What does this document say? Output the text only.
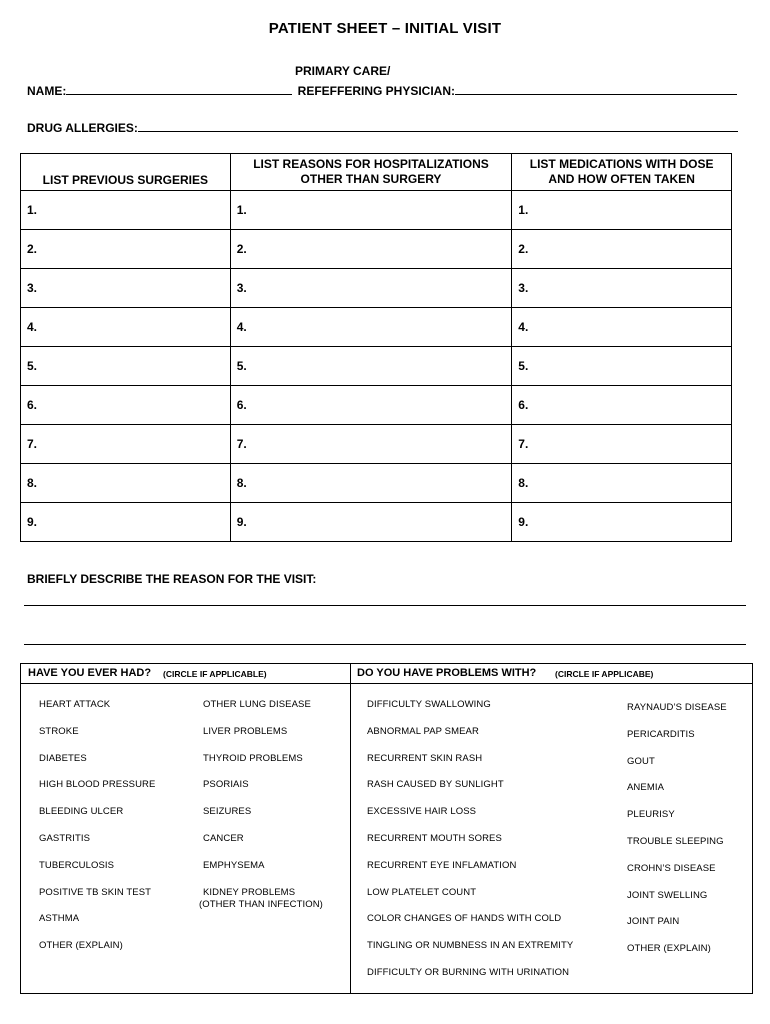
PATIENT SHEET – INITIAL VISIT
PRIMARY CARE/
NAME:	REFEFFERING PHYSICIAN:
DRUG ALLERGIES:
LIST PREVIOUS SURGERIES	LIST REASONS FOR HOSPITALIZATIONS OTHER THAN SURGERY	LIST MEDICATIONS WITH DOSE AND HOW OFTEN TAKEN
1.	1.	1.
2.	2.	2.
3.	3.	3.
4.	4.	4.
5.	5.	5.
6.	6.	6.
7.	7.	7.
8.	8.	8.
9.	9.	9.
BRIEFLY DESCRIBE THE REASON FOR THE VISIT:
HAVE YOU EVER HAD? (CIRCLE IF APPLICABLE)	DO YOU HAVE PROBLEMS WITH? (CIRCLE IF APPLICABE)
HEART ATTACK
STROKE
DIABETES
HIGH BLOOD PRESSURE
BLEEDING ULCER
GASTRITIS
TUBERCULOSIS
POSITIVE TB SKIN TEST
ASTHMA
OTHER (EXPLAIN)
OTHER LUNG DISEASE
LIVER PROBLEMS
THYROID PROBLEMS
PSORIAIS
SEIZURES
CANCER
EMPHYSEMA
KIDNEY PROBLEMS
(OTHER THAN INFECTION)
DIFFICULTY SWALLOWING
ABNORMAL PAP SMEAR
RECURRENT SKIN RASH
RASH CAUSED BY SUNLIGHT
EXCESSIVE HAIR LOSS
RECURRENT MOUTH SORES
RECURRENT EYE INFLAMATION
LOW PLATELET COUNT
COLOR CHANGES OF HANDS WITH COLD
TINGLING OR NUMBNESS IN AN EXTREMITY
DIFFICULTY OR BURNING WITH URINATION
RAYNAUD’S DISEASE
PERICARDITIS
GOUT
ANEMIA
PLEURISY
TROUBLE SLEEPING
CROHN’S DISEASE
JOINT SWELLING
JOINT PAIN
OTHER (EXPLAIN)
